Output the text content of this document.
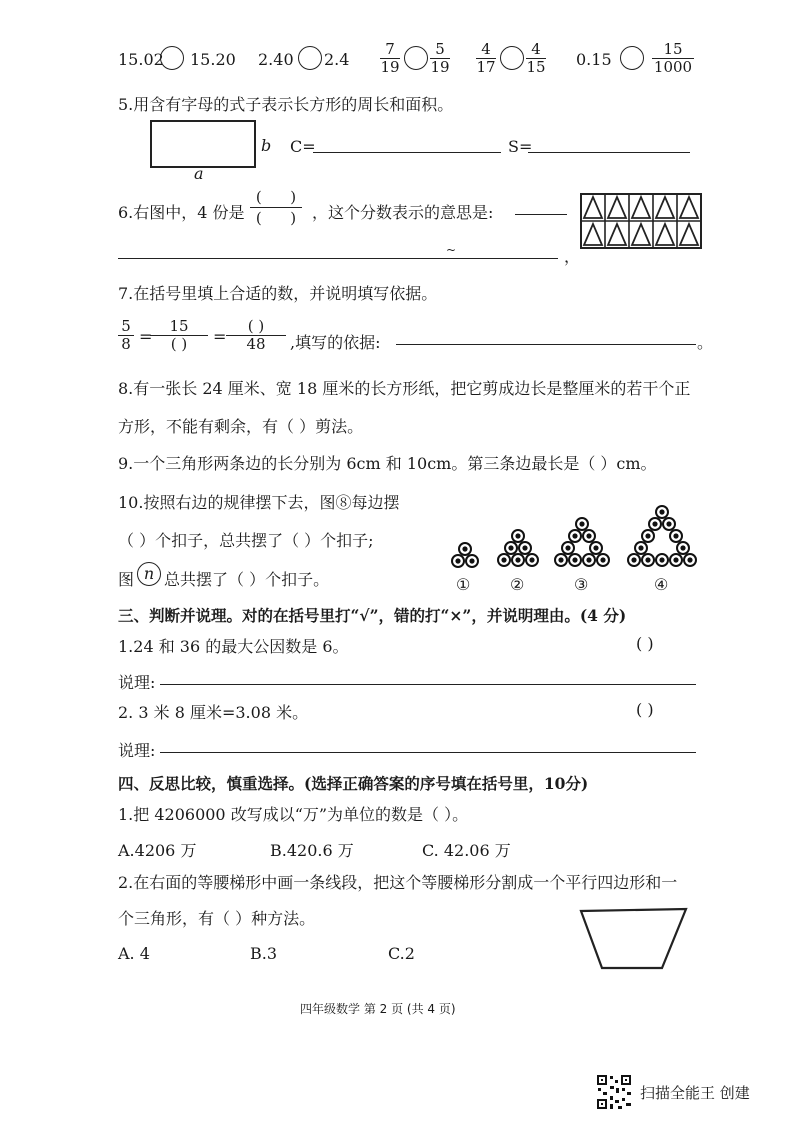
15.02 15.20 2.40 2.4
7
19
5
19
4
17
4
15 0.15
15
1000
5.用含有字母的式子表示长方形的周长和面积。
b
a
C=	S=
6.右图中，4 份是
( )
( ) ，这个分数表示的意思是:
~	，
7.在括号里填上合适的数，并说明填写依据。
5
8 =
15
( ) =
( )
48 ,填写的依据:	。
8.有一张长 24 厘米、宽 18 厘米的长方形纸，把它剪成边长是整厘米的若干个正
方形，不能有剩余，有（ ）剪法。
9.一个三角形两条边的长分别为 6cm 和 10cm。第三条边最长是（ ）cm。
10.按照右边的规律摆下去，图⑧每边摆
（ ）个扣子，总共摆了（ ）个扣子;
图 n 总共摆了（ ）个扣子。	① ②	③	④
三、判断并说理。对的在括号里打“√”，错的打“×”，并说明理由。(4 分)
1.24 和 36 的最大公因数是 6。	( )
说理:
2. 3 米 8 厘米=3.08 米。	( )
说理:
四、反思比较，慎重选择。(选择正确答案的序号填在括号里，10分)
1.把 4206000 改写成以“万”为单位的数是（ ）。
A.4206 万	B.420.6 万	C. 42.06 万
2.在右面的等腰梯形中画一条线段，把这个等腰梯形分割成一个平行四边形和一
个三角形，有（ ）种方法。
A. 4	B.3	C.2
四年级数学 第 2 页 (共 4 页)
扫描全能王 创建
